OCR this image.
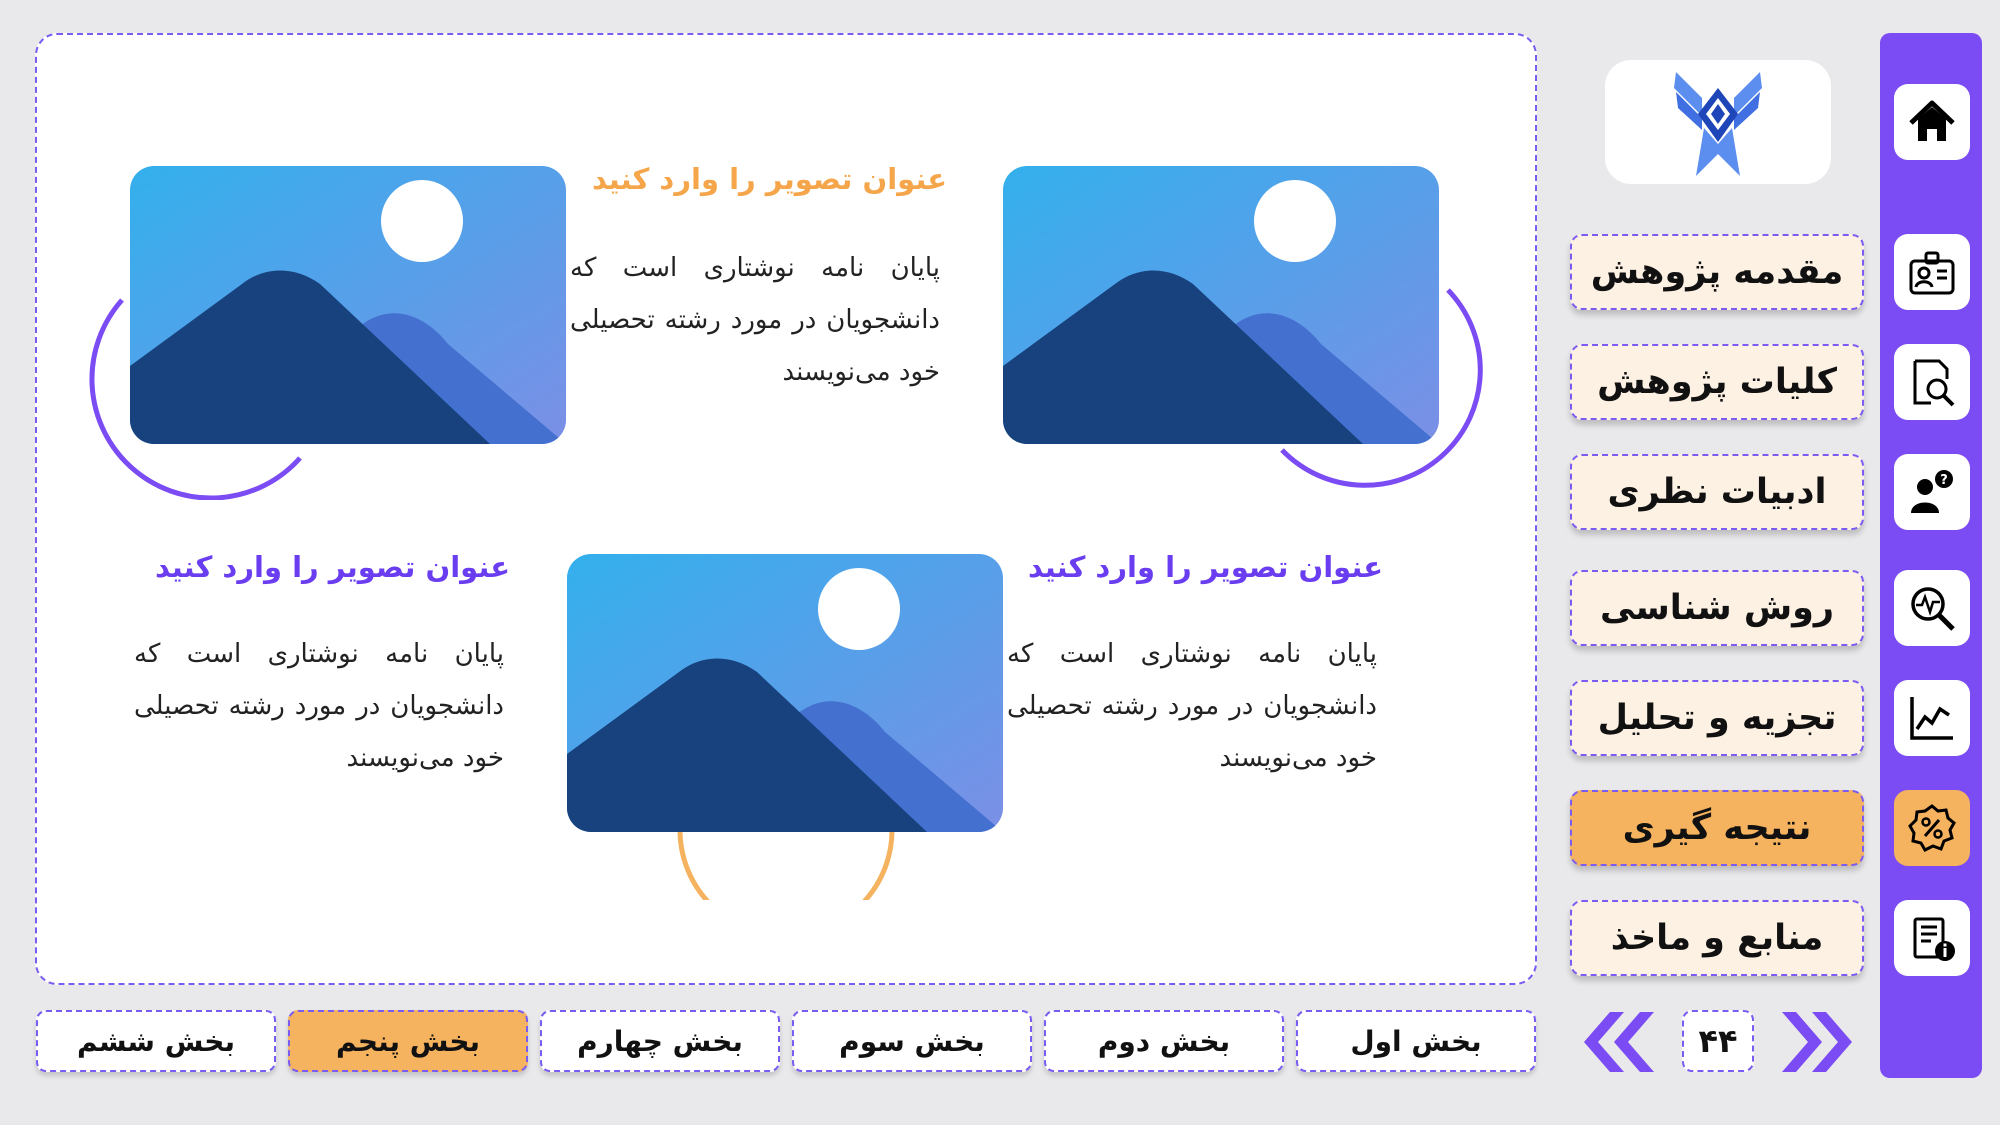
عنوان تصویر را وارد کنید
پایان نامه نوشتاری است که دانشجویان در مورد رشته تحصیلی خود می‌نویسند
عنوان تصویر را وارد کنید
پایان نامه نوشتاری است که دانشجویان در مورد رشته تحصیلی خود می‌نویسند
عنوان تصویر را وارد کنید
پایان نامه نوشتاری است که دانشجویان در مورد رشته تحصیلی خود می‌نویسند
مقدمه پژوهش
کلیات پژوهش
ادبیات نظری
روش شناسی
تجزیه و تحلیل
نتیجه گیری
منابع و ماخذ
?
بخش اول
بخش دوم
بخش سوم
بخش چهارم
بخش پنجم
بخش ششم	۴۴
